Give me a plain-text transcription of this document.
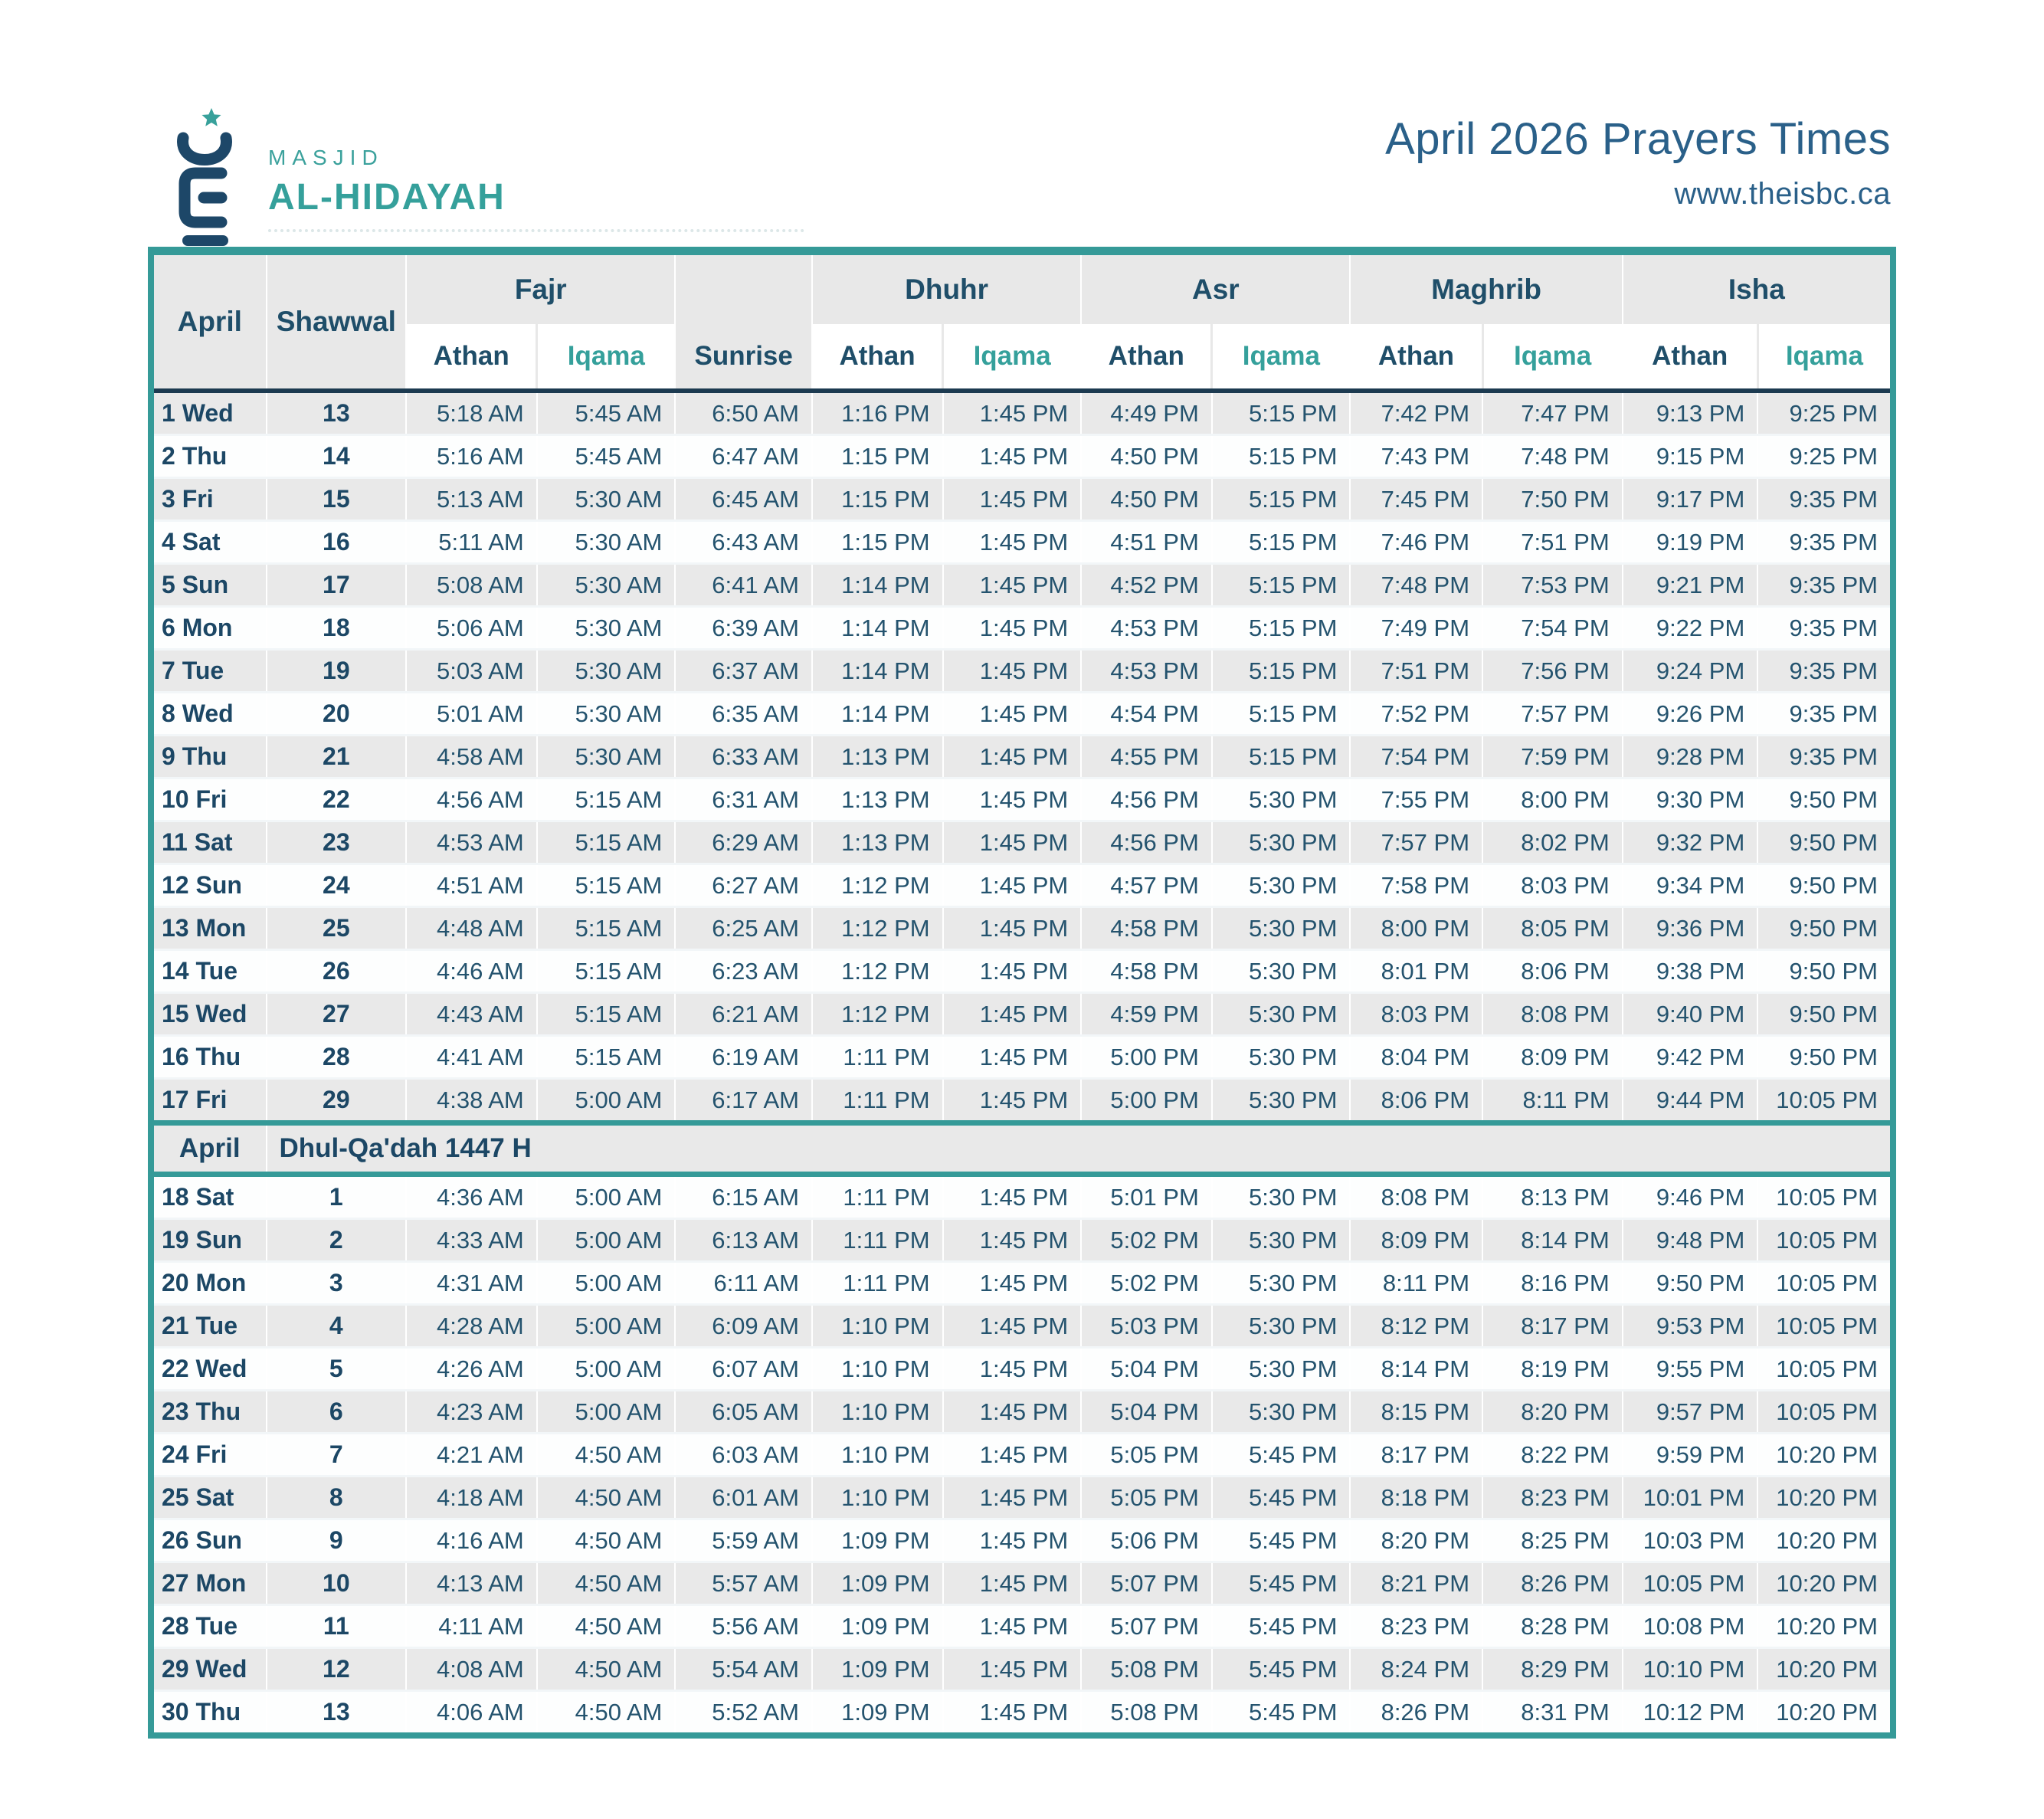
MASJID
AL-HIDAYAH
April 2026 Prayers Times
www.theisbc.ca
April	Shawwal	Fajr			Dhuhr		Asr		Maghrib		Isha	
		Athan	Iqama	Sunrise	Athan	Iqama	Athan	Iqama	Athan	Iqama	Athan	Iqama
1 Wed	13	5:18 AM	5:45 AM	6:50 AM	1:16 PM	1:45 PM	4:49 PM	5:15 PM	7:42 PM	7:47 PM	9:13 PM	9:25 PM
2 Thu	14	5:16 AM	5:45 AM	6:47 AM	1:15 PM	1:45 PM	4:50 PM	5:15 PM	7:43 PM	7:48 PM	9:15 PM	9:25 PM
3 Fri	15	5:13 AM	5:30 AM	6:45 AM	1:15 PM	1:45 PM	4:50 PM	5:15 PM	7:45 PM	7:50 PM	9:17 PM	9:35 PM
4 Sat	16	5:11 AM	5:30 AM	6:43 AM	1:15 PM	1:45 PM	4:51 PM	5:15 PM	7:46 PM	7:51 PM	9:19 PM	9:35 PM
5 Sun	17	5:08 AM	5:30 AM	6:41 AM	1:14 PM	1:45 PM	4:52 PM	5:15 PM	7:48 PM	7:53 PM	9:21 PM	9:35 PM
6 Mon	18	5:06 AM	5:30 AM	6:39 AM	1:14 PM	1:45 PM	4:53 PM	5:15 PM	7:49 PM	7:54 PM	9:22 PM	9:35 PM
7 Tue	19	5:03 AM	5:30 AM	6:37 AM	1:14 PM	1:45 PM	4:53 PM	5:15 PM	7:51 PM	7:56 PM	9:24 PM	9:35 PM
8 Wed	20	5:01 AM	5:30 AM	6:35 AM	1:14 PM	1:45 PM	4:54 PM	5:15 PM	7:52 PM	7:57 PM	9:26 PM	9:35 PM
9 Thu	21	4:58 AM	5:30 AM	6:33 AM	1:13 PM	1:45 PM	4:55 PM	5:15 PM	7:54 PM	7:59 PM	9:28 PM	9:35 PM
10 Fri	22	4:56 AM	5:15 AM	6:31 AM	1:13 PM	1:45 PM	4:56 PM	5:30 PM	7:55 PM	8:00 PM	9:30 PM	9:50 PM
11 Sat	23	4:53 AM	5:15 AM	6:29 AM	1:13 PM	1:45 PM	4:56 PM	5:30 PM	7:57 PM	8:02 PM	9:32 PM	9:50 PM
12 Sun	24	4:51 AM	5:15 AM	6:27 AM	1:12 PM	1:45 PM	4:57 PM	5:30 PM	7:58 PM	8:03 PM	9:34 PM	9:50 PM
13 Mon	25	4:48 AM	5:15 AM	6:25 AM	1:12 PM	1:45 PM	4:58 PM	5:30 PM	8:00 PM	8:05 PM	9:36 PM	9:50 PM
14 Tue	26	4:46 AM	5:15 AM	6:23 AM	1:12 PM	1:45 PM	4:58 PM	5:30 PM	8:01 PM	8:06 PM	9:38 PM	9:50 PM
15 Wed	27	4:43 AM	5:15 AM	6:21 AM	1:12 PM	1:45 PM	4:59 PM	5:30 PM	8:03 PM	8:08 PM	9:40 PM	9:50 PM
16 Thu	28	4:41 AM	5:15 AM	6:19 AM	1:11 PM	1:45 PM	5:00 PM	5:30 PM	8:04 PM	8:09 PM	9:42 PM	9:50 PM
17 Fri	29	4:38 AM	5:00 AM	6:17 AM	1:11 PM	1:45 PM	5:00 PM	5:30 PM	8:06 PM	8:11 PM	9:44 PM	10:05 PM
April	Dhul-Qa'dah 1447 H											
18 Sat	1	4:36 AM	5:00 AM	6:15 AM	1:11 PM	1:45 PM	5:01 PM	5:30 PM	8:08 PM	8:13 PM	9:46 PM	10:05 PM
19 Sun	2	4:33 AM	5:00 AM	6:13 AM	1:11 PM	1:45 PM	5:02 PM	5:30 PM	8:09 PM	8:14 PM	9:48 PM	10:05 PM
20 Mon	3	4:31 AM	5:00 AM	6:11 AM	1:11 PM	1:45 PM	5:02 PM	5:30 PM	8:11 PM	8:16 PM	9:50 PM	10:05 PM
21 Tue	4	4:28 AM	5:00 AM	6:09 AM	1:10 PM	1:45 PM	5:03 PM	5:30 PM	8:12 PM	8:17 PM	9:53 PM	10:05 PM
22 Wed	5	4:26 AM	5:00 AM	6:07 AM	1:10 PM	1:45 PM	5:04 PM	5:30 PM	8:14 PM	8:19 PM	9:55 PM	10:05 PM
23 Thu	6	4:23 AM	5:00 AM	6:05 AM	1:10 PM	1:45 PM	5:04 PM	5:30 PM	8:15 PM	8:20 PM	9:57 PM	10:05 PM
24 Fri	7	4:21 AM	4:50 AM	6:03 AM	1:10 PM	1:45 PM	5:05 PM	5:45 PM	8:17 PM	8:22 PM	9:59 PM	10:20 PM
25 Sat	8	4:18 AM	4:50 AM	6:01 AM	1:10 PM	1:45 PM	5:05 PM	5:45 PM	8:18 PM	8:23 PM	10:01 PM	10:20 PM
26 Sun	9	4:16 AM	4:50 AM	5:59 AM	1:09 PM	1:45 PM	5:06 PM	5:45 PM	8:20 PM	8:25 PM	10:03 PM	10:20 PM
27 Mon	10	4:13 AM	4:50 AM	5:57 AM	1:09 PM	1:45 PM	5:07 PM	5:45 PM	8:21 PM	8:26 PM	10:05 PM	10:20 PM
28 Tue	11	4:11 AM	4:50 AM	5:56 AM	1:09 PM	1:45 PM	5:07 PM	5:45 PM	8:23 PM	8:28 PM	10:08 PM	10:20 PM
29 Wed	12	4:08 AM	4:50 AM	5:54 AM	1:09 PM	1:45 PM	5:08 PM	5:45 PM	8:24 PM	8:29 PM	10:10 PM	10:20 PM
30 Thu	13	4:06 AM	4:50 AM	5:52 AM	1:09 PM	1:45 PM	5:08 PM	5:45 PM	8:26 PM	8:31 PM	10:12 PM	10:20 PM
